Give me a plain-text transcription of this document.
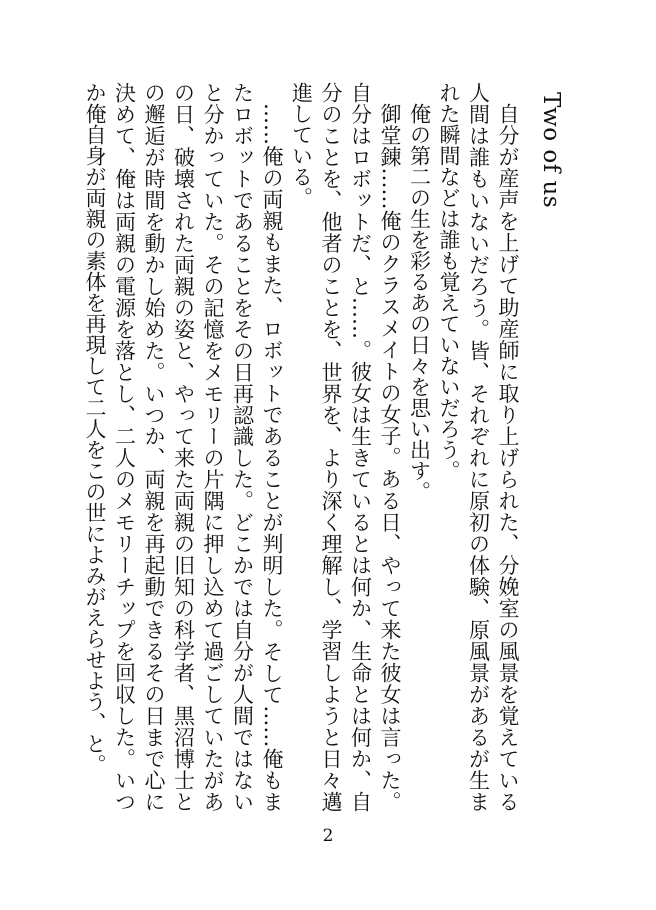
Two of us

自分が産声を上げて助産師に取り上げられた、分娩室の風景を覚えている人間は誰もいないだろう。皆、それぞれに原初の体験、原風景があるが生まれた瞬間などは誰も覚えていないだろう。

俺の第二の生を彩るあの日々を思い出す。

御堂錬……俺のクラスメイトの女子。ある日、やって来た彼女は言った。自分はロボットだ、と……。彼女は生きているとは何か、生命とは何か、自分のことを、他者のことを、世界を、より深く理解し、学習しようと日々邁進している。

……俺の両親もまた、ロボットであることが判明した。そして……俺もまたロボットであることをその日再認識した。どこかでは自分が人間ではないと分かっていた。その記憶をメモリーの片隅に押し込めて過ごしていたがあの日、破壊された両親の姿と、やって来た両親の旧知の科学者、黒沼博士との邂逅が時間を動かし始めた。いつか、両親を再起動できるその日まで心に決めて、俺は両親の電源を落とし、二人のメモリーチップを回収した。いつか俺自身が両親の素体を再現して二人をこの世によみがえらせよう、と。

2
